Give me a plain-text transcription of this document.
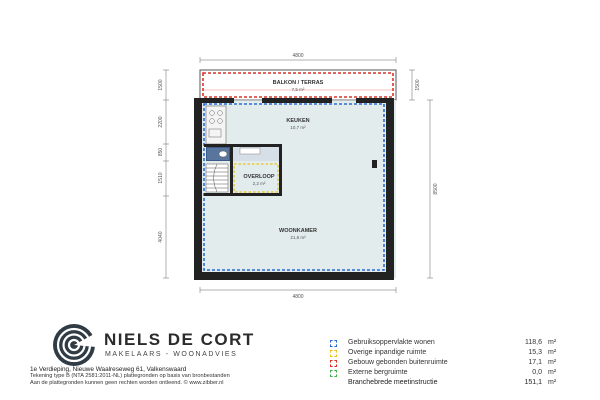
4800
4800
1500
2200
850
1510
4040
1500
8500
BALKON / TERRAS
7,5 m²
KEUKEN
10,7 m²
OVERLOOP
2,2 m²
WOONKAMER
21,8 m²
NIELS DE CORT
MAKELAARS - WOONADVIES
1e Verdieping, Nieuwe Waalreseweg 61, Valkenswaard
Tekening type B (NTA 2581:2011-NL) plattegronden op basis van bronbestanden
Aan de plattegronden kunnen geen rechten worden ontleend. © www.zibber.nl
Gebruiksoppervlakte wonen	118,6 m²
Overige inpandige ruimte	15,3 m²
Gebouw gebonden buitenruimte	17,1 m²
Externe bergruimte	0,0 m²
Branchebrede meetinstructie	151,1 m²
